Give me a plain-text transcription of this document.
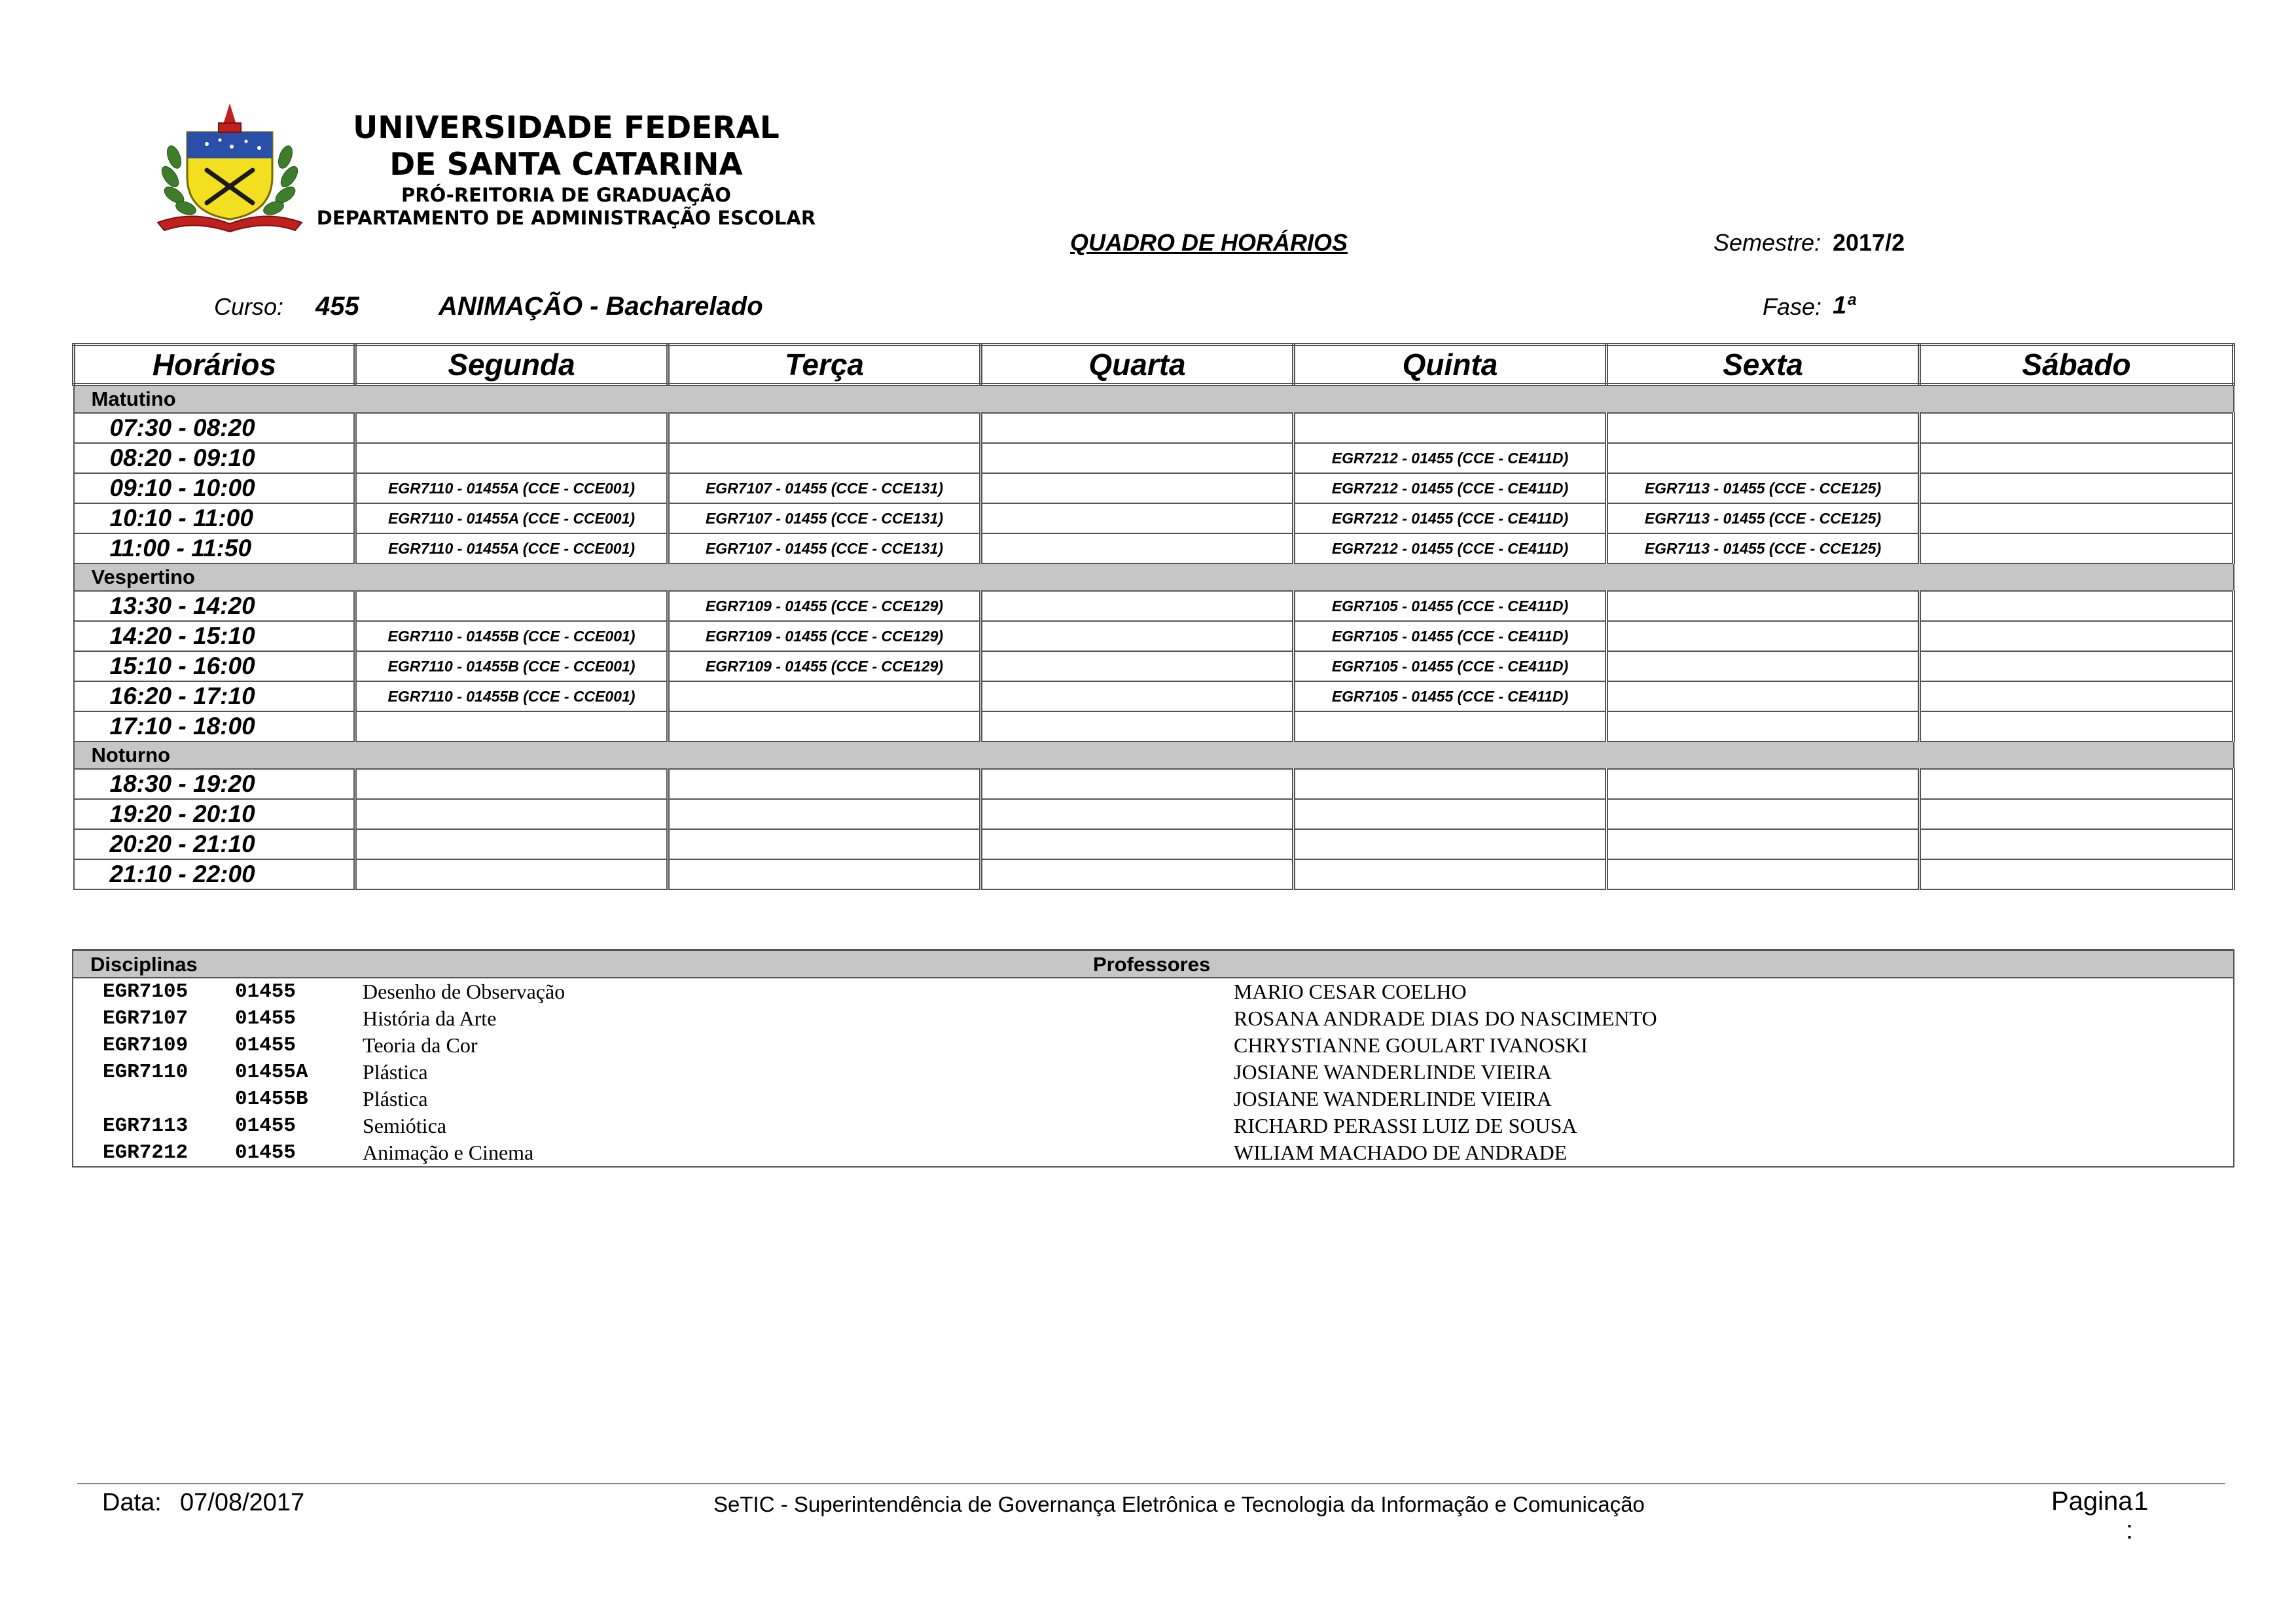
UNIVERSIDADE FEDERAL
DE SANTA CATARINA
PRÓ-REITORIA DE GRADUAÇÃO
DEPARTAMENTO DE ADMINISTRAÇÃO ESCOLAR
QUADRO DE HORÁRIOS	Semestre: 2017/2
Curso: 455	ANIMAÇÃO - Bacharelado	Fase: 1ª
Horários	Segunda	Terça	Quarta	Quinta	Sexta	Sábado
Matutino						
07:30 - 08:20						
08:20 - 09:10				EGR7212 - 01455 (CCE - CE411D)		
09:10 - 10:00	EGR7110 - 01455A (CCE - CCE001)	EGR7107 - 01455 (CCE - CCE131)		EGR7212 - 01455 (CCE - CE411D)	EGR7113 - 01455 (CCE - CCE125)	
10:10 - 11:00	EGR7110 - 01455A (CCE - CCE001)	EGR7107 - 01455 (CCE - CCE131)		EGR7212 - 01455 (CCE - CE411D)	EGR7113 - 01455 (CCE - CCE125)	
11:00 - 11:50	EGR7110 - 01455A (CCE - CCE001)	EGR7107 - 01455 (CCE - CCE131)		EGR7212 - 01455 (CCE - CE411D)	EGR7113 - 01455 (CCE - CCE125)	
Vespertino						
13:30 - 14:20		EGR7109 - 01455 (CCE - CCE129)		EGR7105 - 01455 (CCE - CE411D)		
14:20 - 15:10	EGR7110 - 01455B (CCE - CCE001)	EGR7109 - 01455 (CCE - CCE129)		EGR7105 - 01455 (CCE - CE411D)		
15:10 - 16:00	EGR7110 - 01455B (CCE - CCE001)	EGR7109 - 01455 (CCE - CCE129)		EGR7105 - 01455 (CCE - CE411D)		
16:20 - 17:10	EGR7110 - 01455B (CCE - CCE001)			EGR7105 - 01455 (CCE - CE411D)		
17:10 - 18:00						
Noturno						
18:30 - 19:20						
19:20 - 20:10						
20:20 - 21:10						
21:10 - 22:00						
Disciplinas	Professores
EGR7105 01455	Desenho de Observação	MARIO CESAR COELHO
EGR7107 01455	História da Arte	ROSANA ANDRADE DIAS DO NASCIMENTO
EGR7109 01455	Teoria da Cor	CHRYSTIANNE GOULART IVANOSKI
EGR7110 01455A	Plástica	JOSIANE WANDERLINDE VIEIRA
01455B	Plástica	JOSIANE WANDERLINDE VIEIRA
EGR7113 01455	Semiótica	RICHARD PERASSI LUIZ DE SOUSA
EGR7212 01455	Animação e Cinema	WILIAM MACHADO DE ANDRADE
Data: 07/08/2017	SeTIC - Superintendência de Governança Eletrônica e Tecnologia da Informação e Comunicação	Pagina 1
:
